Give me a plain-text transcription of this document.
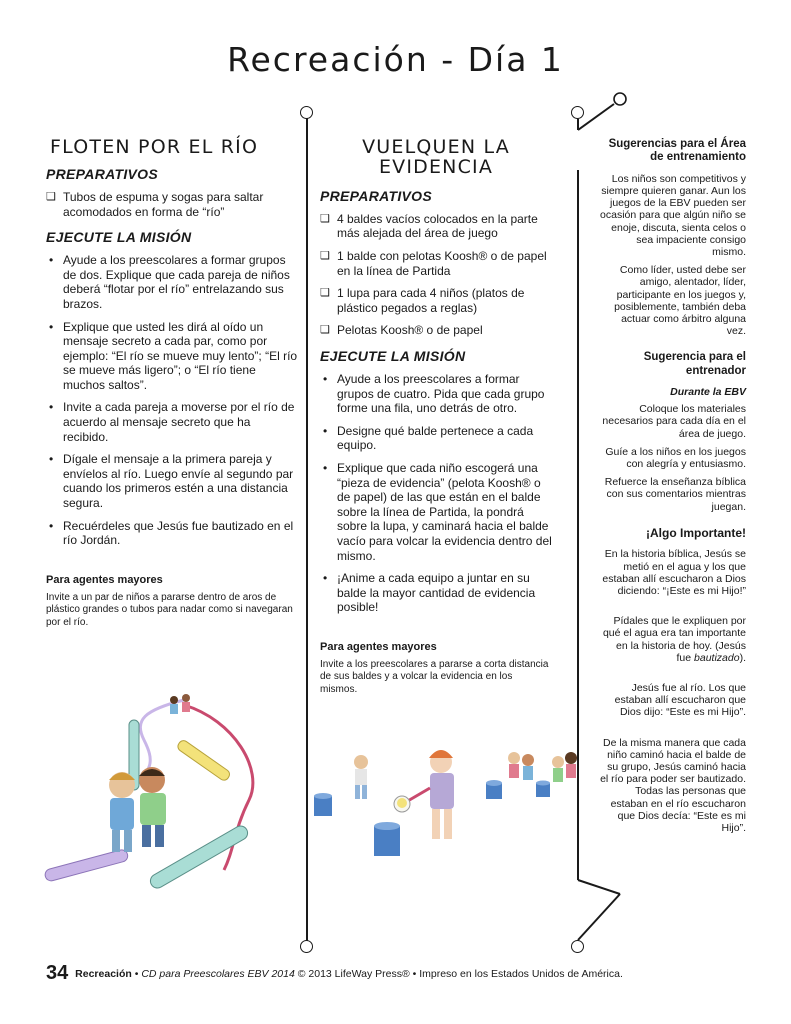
Recreación - Día 1
FLOTEN POR EL RÍO
PREPARATIVOS
❑ Tubos de espuma y sogas para saltar acomodados en forma de “río”
EJECUTE LA MISIÓN
• Ayude a los preescolares a formar grupos de dos. Explique que cada pareja de niños deberá “flotar por el río” entrelazando sus brazos.
• Explique que usted les dirá al oído un mensaje secreto a cada par, como por ejemplo: “El río se mueve muy lento”; “El río se mueve más ligero”; o “El río tiene muchos saltos”.
• Invite a cada pareja a moverse por el río de acuerdo al mensaje secreto que ha recibido.
• Dígale el mensaje a la primera pareja y envíelos al río. Luego envíe al segundo par cuando los primeros estén a una distancia segura.
• Recuérdeles que Jesús fue bautizado en el río Jordán.
Para agentes mayores

Invite a un par de niños a pararse dentro de aros de plástico grandes o tubos para nadar como si navegaran por el río.

VUELQUEN LA EVIDENCIA
PREPARATIVOS
❑ 4 baldes vacíos colocados en la parte más alejada del área de juego
❑ 1 balde con pelotas Koosh® o de papel en la línea de Partida
❑ 1 lupa para cada 4 niños (platos de plástico pegados a reglas)
❑ Pelotas Koosh® o de papel
EJECUTE LA MISIÓN
• Ayude a los preescolares a formar grupos de cuatro. Pida que cada grupo forme una fila, uno detrás de otro.
• Designe qué balde pertenece a cada equipo.
• Explique que cada niño escogerá una “pieza de evidencia” (pelota Koosh® o de papel) de las que están en el balde sobre la línea de Partida, la pondrá sobre la lupa, y caminará hacia el balde vacío para volcar la evidencia dentro del mismo.
• ¡Anime a cada equipo a juntar en su balde la mayor cantidad de evidencia posible!
Para agentes mayores

Invite a los preescolares a pararse a corta distancia de sus baldes y a volcar la evidencia en los mismos.

Sugerencias para el Área de entrenamiento

Los niños son competitivos y siempre quieren ganar. Aun los juegos de la EBV pueden ser ocasión para que algún niño se enoje, discuta, sienta celos o sea impaciente consigo mismo.

Como líder, usted debe ser amigo, alentador, líder, participante en los juegos y, posiblemente, también deba actuar como árbitro alguna vez.

Sugerencia para el entrenador
Durante la EBV

Coloque los materiales necesarios para cada día en el área de juego.

Guíe a los niños en los juegos con alegría y entusiasmo.

Refuerce la enseñanza bíblica con sus comentarios mientras juegan.

¡Algo Importante!

En la historia bíblica, Jesús se metió en el agua y los que estaban allí escucharon a Dios diciendo: “¡Este es mi Hijo!”

Pídales que le expliquen por qué el agua era tan importante en la historia de hoy. (Jesús fue bautizado).

Jesús fue al río. Los que estaban allí escucharon que Dios dijo: “Este es mi Hijo”.

De la misma manera que cada niño caminó hacia el balde de su grupo, Jesús caminó hacia el río para poder ser bautizado. Todas las personas que estaban en el río escucharon que Dios decía: “Este es mi Hijo”.

34 Recreación • CD para Preescolares EBV 2014 © 2013 LifeWay Press® • Impreso en los Estados Unidos de América.
